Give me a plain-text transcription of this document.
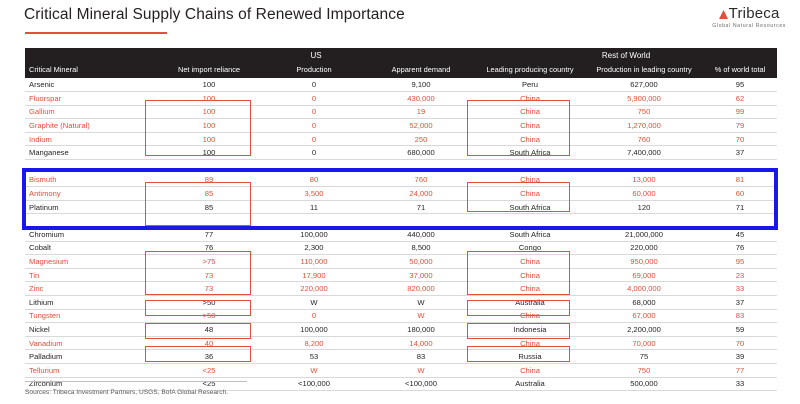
Critical Mineral Supply Chains of Renewed Importance	Tribeca
Global Natural Resources
	US			Rest of World		
Critical Mineral	Net import reliance	Production	Apparent demand	Leading producing country	Production in leading country	% of world total
Arsenic	100	0	9,100	Peru	627,000	95
Fluorspar	100	0	430,000	China	5,900,000	62
Gallium	100	0	19	China	750	99
Graphite (Natural)	100	0	52,000	China	1,270,000	79
Indium	100	0	250	China	760	70
Manganese	100	0	680,000	South Africa	7,400,000	37

Bismuth	89	80	760	China	13,000	81
Antimony	85	3,500	24,000	China	60,000	60
Platinum	85	11	71	South Africa	120	71

Chromium	77	100,000	440,000	South Africa	21,000,000	45
Cobalt	76	2,300	8,500	Congo	220,000	76
Magnesium	>75	110,000	50,000	China	950,000	95
Tin	73	17,900	37,000	China	69,000	23
Zinc	73	220,000	820,000	China	4,000,000	33
Lithium	>50	W	W	Australia	68,000	37
Tungsten	>50	0	W	China	67,000	83
Nickel	48	100,000	180,000	Indonesia	2,200,000	59
Vanadium	40	8,200	14,000	China	70,000	70
Palladium	36	53	83	Russia	75	39
Tellurium	<25	W	W	China	750	77
Zirconium	<25	<100,000	<100,000	Australia	500,000	33
Sources: Tribeca Investment Partners, USGS, BofA Global Research.
